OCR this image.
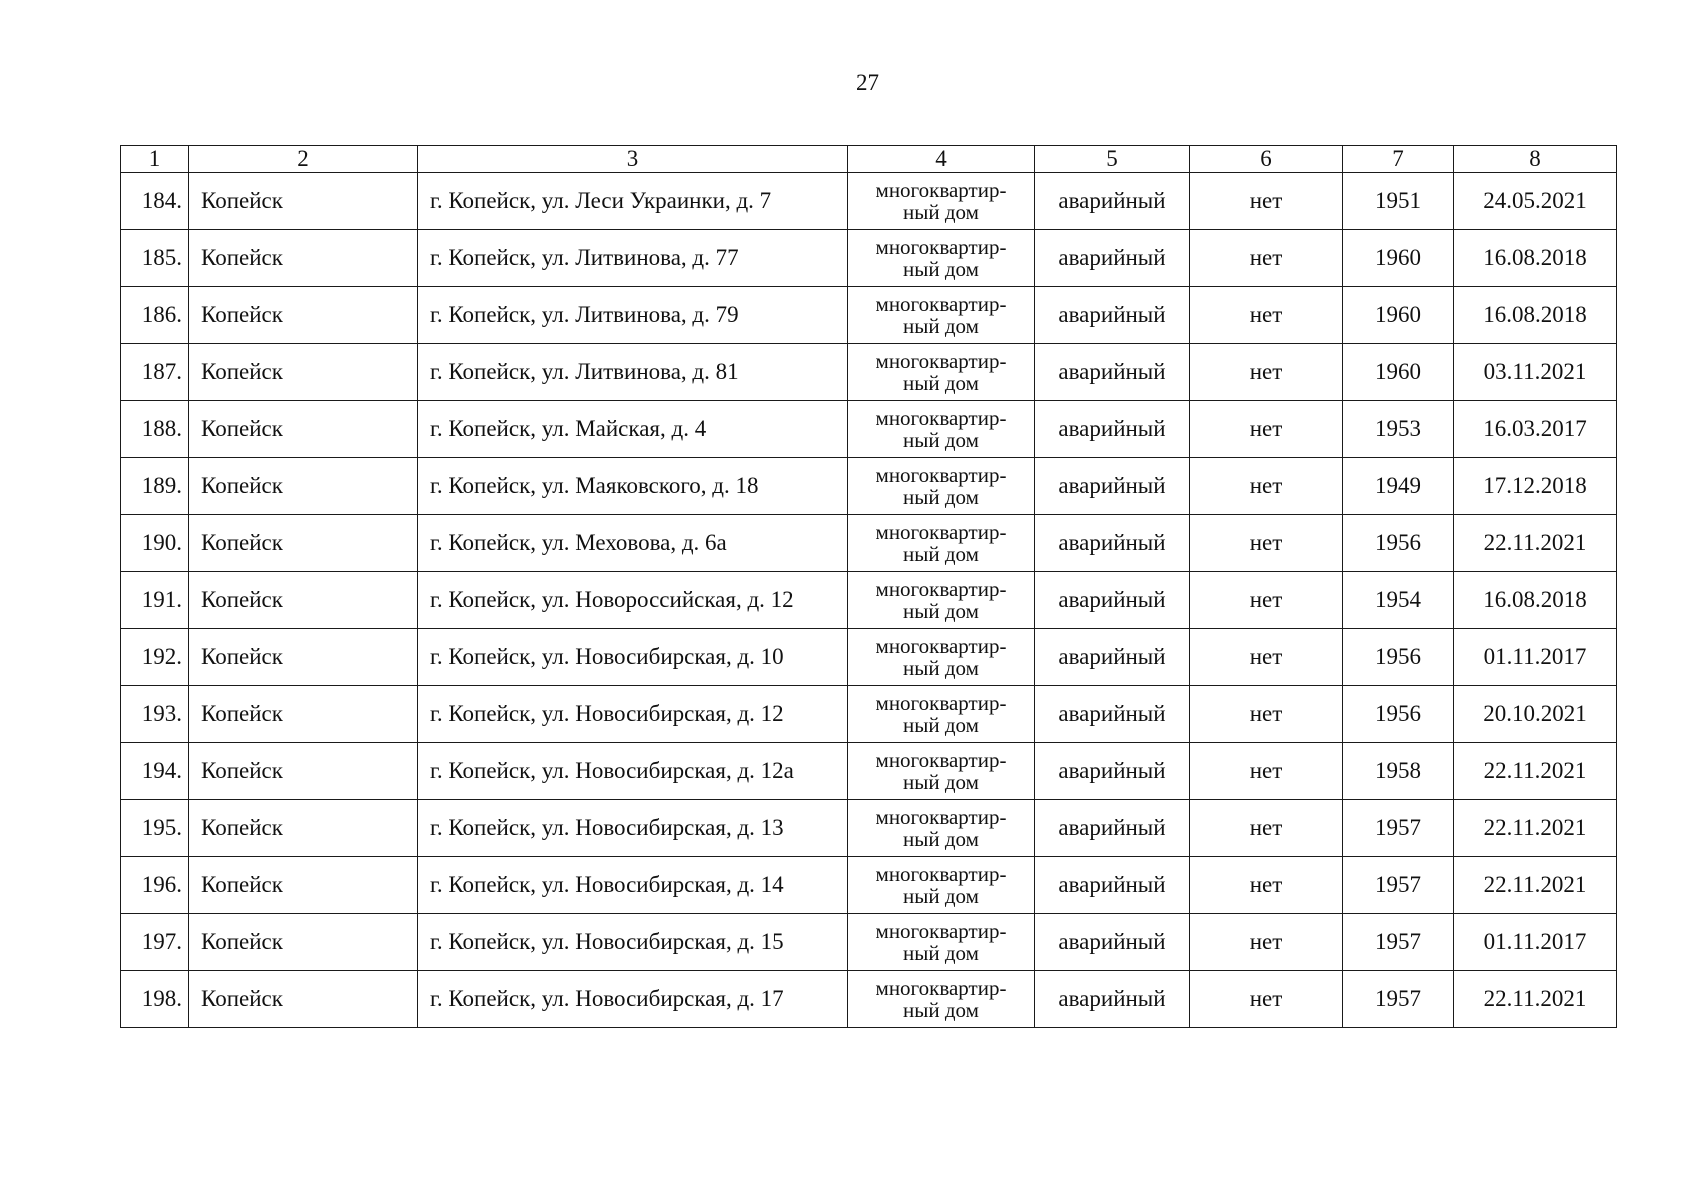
27
1	2	3	4	5	6	7	8
184.	Копейск	г. Копейск, ул. Леси Украинки, д. 7	многоквартир-
ный дом	аварийный	нет	1951	24.05.2021
185.	Копейск	г. Копейск, ул. Литвинова, д. 77	многоквартир-
ный дом	аварийный	нет	1960	16.08.2018
186.	Копейск	г. Копейск, ул. Литвинова, д. 79	многоквартир-
ный дом	аварийный	нет	1960	16.08.2018
187.	Копейск	г. Копейск, ул. Литвинова, д. 81	многоквартир-
ный дом	аварийный	нет	1960	03.11.2021
188.	Копейск	г. Копейск, ул. Майская, д. 4	многоквартир-
ный дом	аварийный	нет	1953	16.03.2017
189.	Копейск	г. Копейск, ул. Маяковского, д. 18	многоквартир-
ный дом	аварийный	нет	1949	17.12.2018
190.	Копейск	г. Копейск, ул. Меховова, д. 6а	многоквартир-
ный дом	аварийный	нет	1956	22.11.2021
191.	Копейск	г. Копейск, ул. Новороссийская, д. 12	многоквартир-
ный дом	аварийный	нет	1954	16.08.2018
192.	Копейск	г. Копейск, ул. Новосибирская, д. 10	многоквартир-
ный дом	аварийный	нет	1956	01.11.2017
193.	Копейск	г. Копейск, ул. Новосибирская, д. 12	многоквартир-
ный дом	аварийный	нет	1956	20.10.2021
194.	Копейск	г. Копейск, ул. Новосибирская, д. 12а	многоквартир-
ный дом	аварийный	нет	1958	22.11.2021
195.	Копейск	г. Копейск, ул. Новосибирская, д. 13	многоквартир-
ный дом	аварийный	нет	1957	22.11.2021
196.	Копейск	г. Копейск, ул. Новосибирская, д. 14	многоквартир-
ный дом	аварийный	нет	1957	22.11.2021
197.	Копейск	г. Копейск, ул. Новосибирская, д. 15	многоквартир-
ный дом	аварийный	нет	1957	01.11.2017
198.	Копейск	г. Копейск, ул. Новосибирская, д. 17	многоквартир-
ный дом	аварийный	нет	1957	22.11.2021
